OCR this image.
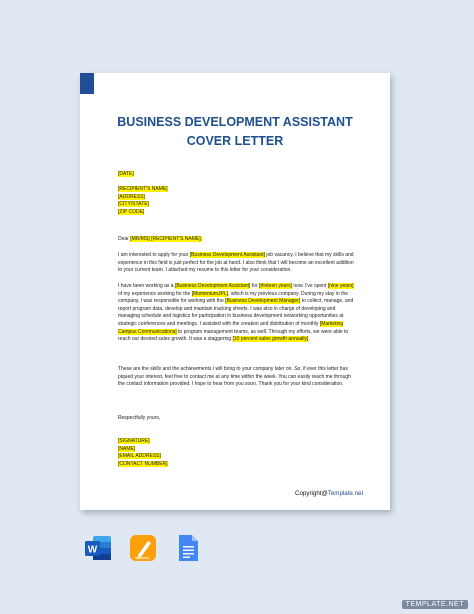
BUSINESS DEVELOPMENT ASSISTANT
COVER LETTER
[DATE]
[RECIPIENT'S NAME]
[ADDRESS]
[CITY/STATE]
[ZIP CODE]
Dear [MR/MS] [RECIPIENT'S NAME],
I am interested to apply for your [Business Development Assistant] job vacancy. I believe that my skills and experience in this field is just perfect for the job at hand. I also think that I will become an excellent addition to your current team. I attached my resume to this letter for your consideration.
I have been working as a [Business Development Assistant] for [thirteen years] now. I've spent [nine years] of my experience working for the [MomentumJPL], which is my previous company. During my stay in the company, I was responsible for working with the [Business Development Manager] to collect, manage, and report program data, develop and maintain tracking sheets. I was also in charge of developing and managing schedule and logistics for participation in business development networking opportunities at strategic conferences and meetings. I assisted with the creation and distribution of monthly [Marketing Campus Communications] to program management teams, as well. Through my efforts, we were able to reach our desired sales growth. It was a staggering [10 percent sales growth annually].
These are the skills and the achievements I will bring to your company later on. So, if ever this letter has piqued your interest, feel free to contact me at any time within the week. You can easily reach me through the contact information provided. I hope to hear from you soon. Thank you for your kind consideration.
Respectfully yours,
[SIGNATURE]
[NAME]
[EMAIL ADDRESS]
[CONTACT NUMBER]
Copyright@Template.net
W
TEMPLATE.NET
